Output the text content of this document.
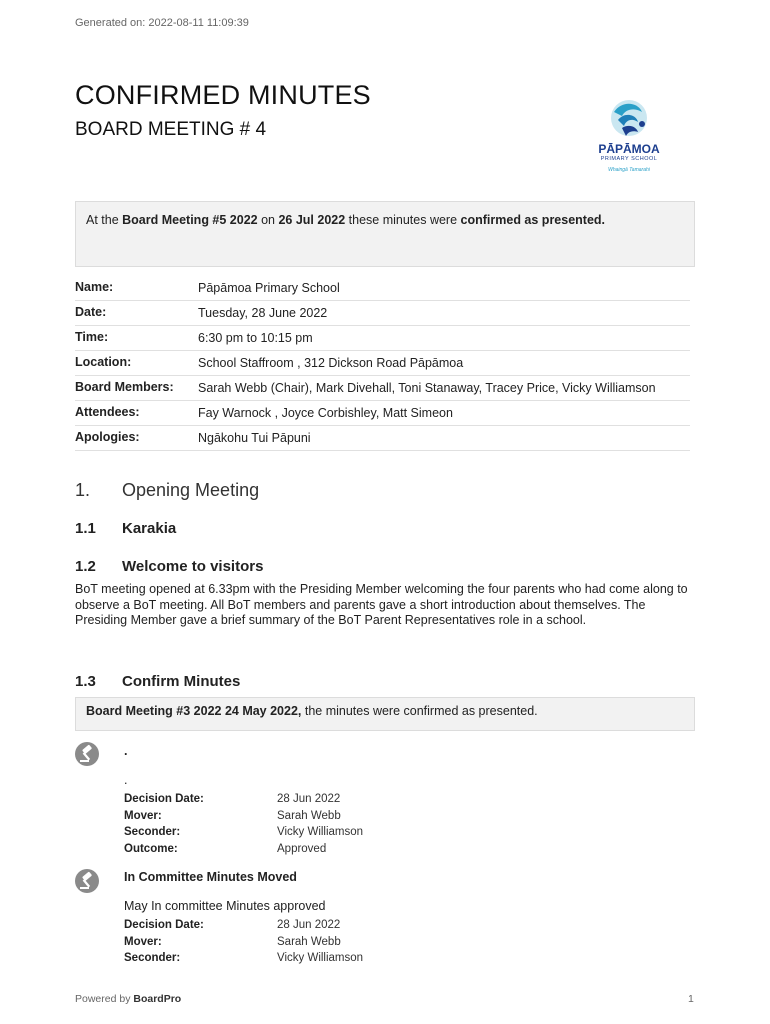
Generated on: 2022-08-11 11:09:39
CONFIRMED MINUTES
BOARD MEETING # 4
PĀPĀMOA
PRIMARY SCHOOL
Whaingā Tamarahi
At the Board Meeting #5 2022 on 26 Jul 2022 these minutes were confirmed as presented.
Name:	Pāpāmoa Primary School
Date:	Tuesday, 28 June 2022
Time:	6:30 pm to 10:15 pm
Location:	School Staffroom , 312 Dickson Road Pāpāmoa
Board Members:	Sarah Webb (Chair), Mark Divehall, Toni Stanaway, Tracey Price, Vicky Williamson
Attendees:	Fay Warnock , Joyce Corbishley, Matt Simeon
Apologies:	Ngākohu Tui Pāpuni
1. Opening Meeting
1.1 Karakia
1.2 Welcome to visitors
BoT meeting opened at 6.33pm with the Presiding Member welcoming the four parents who had come along to observe a BoT meeting. All BoT members and parents gave a short introduction about themselves. The Presiding Member gave a brief summary of the BoT Parent Representatives role in a school.
1.3 Confirm Minutes
Board Meeting #3 2022 24 May 2022, the minutes were confirmed as presented.
.
.
Decision Date:	28 Jun 2022
Mover:	Sarah Webb
Seconder:	Vicky Williamson
Outcome:	Approved
In Committee Minutes Moved
May In committee Minutes approved
Decision Date:	28 Jun 2022
Mover:	Sarah Webb
Seconder:	Vicky Williamson
Powered by BoardPro	1
